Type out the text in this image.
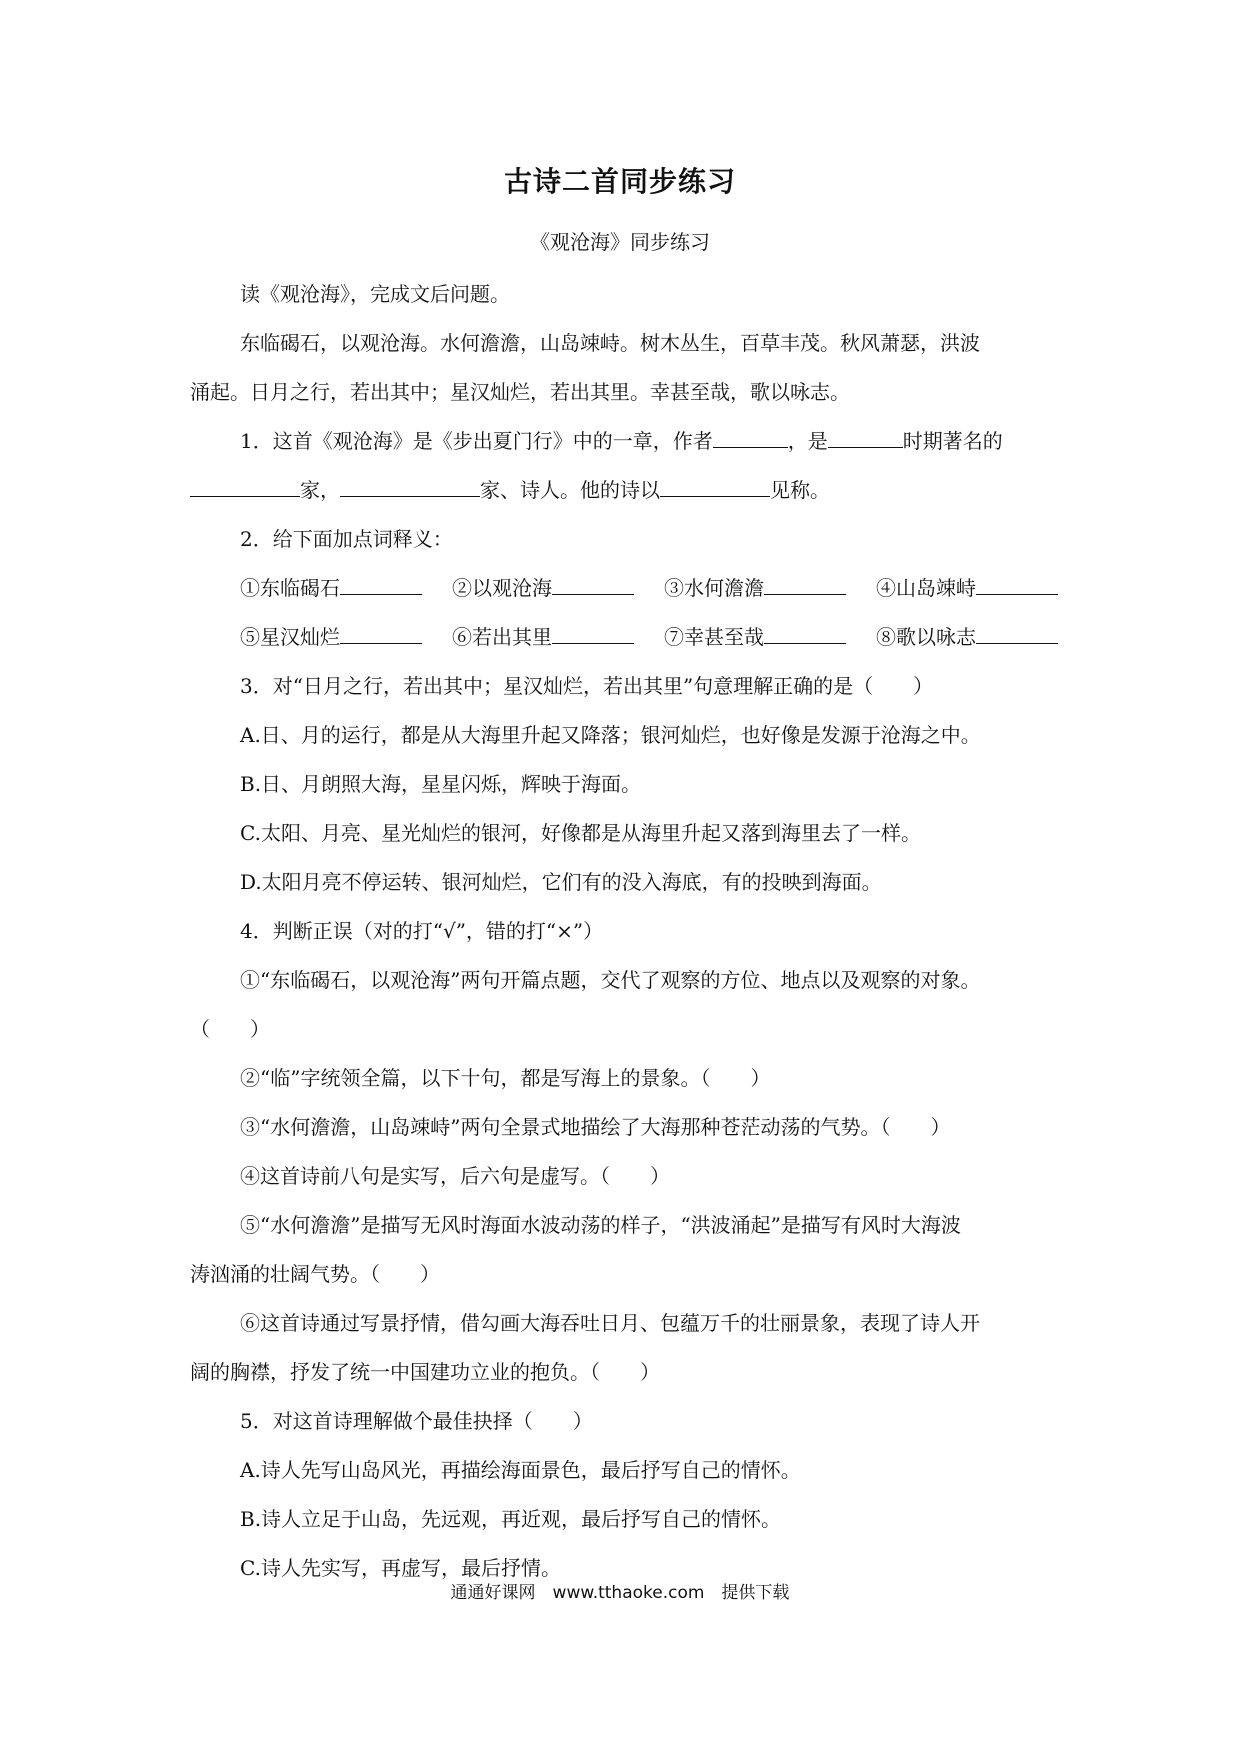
古诗二首同步练习
《观沧海》同步练习

读《观沧海》，完成文后问题。

东临碣石，以观沧海。水何澹澹，山岛竦峙。树木丛生，百草丰茂。秋风萧瑟，洪波

涌起。日月之行，若出其中；星汉灿烂，若出其里。幸甚至哉，歌以咏志。

1．这首《观沧海》是《步出夏门行》中的一章，作者	，是	时期著名的

家，	家、诗人。他的诗以	见称。

2．给下面加点词释义：

①东临碣石	②以观沧海	③水何澹澹	④山岛竦峙
⑤星汉灿烂	⑥若出其里	⑦幸甚至哉	⑧歌以咏志

3．对“日月之行，若出其中；星汉灿烂，若出其里”句意理解正确的是（　　）

A.日、月的运行，都是从大海里升起又降落；银河灿烂，也好像是发源于沧海之中。

B.日、月朗照大海，星星闪烁，辉映于海面。

C.太阳、月亮、星光灿烂的银河，好像都是从海里升起又落到海里去了一样。

D.太阳月亮不停运转、银河灿烂，它们有的没入海底，有的投映到海面。

4．判断正误（对的打“√”，错的打“×”）

①“东临碣石，以观沧海”两句开篇点题，交代了观察的方位、地点以及观察的对象。

（　　）

②“临”字统领全篇，以下十句，都是写海上的景象。（　　）

③“水何澹澹，山岛竦峙”两句全景式地描绘了大海那种苍茫动荡的气势。（　　）

④这首诗前八句是实写，后六句是虚写。（　　）

⑤“水何澹澹”是描写无风时海面水波动荡的样子，“洪波涌起”是描写有风时大海波

涛汹涌的壮阔气势。（　　）

⑥这首诗通过写景抒情，借勾画大海吞吐日月、包蕴万千的壮丽景象，表现了诗人开

阔的胸襟，抒发了统一中国建功立业的抱负。（　　）

5．对这首诗理解做个最佳抉择（　　）

A.诗人先写山岛风光，再描绘海面景色，最后抒写自己的情怀。

B.诗人立足于山岛，先远观，再近观，最后抒写自己的情怀。

C.诗人先实写，再虚写，最后抒情。

通通好课网　www.tthaoke.com　提供下载
